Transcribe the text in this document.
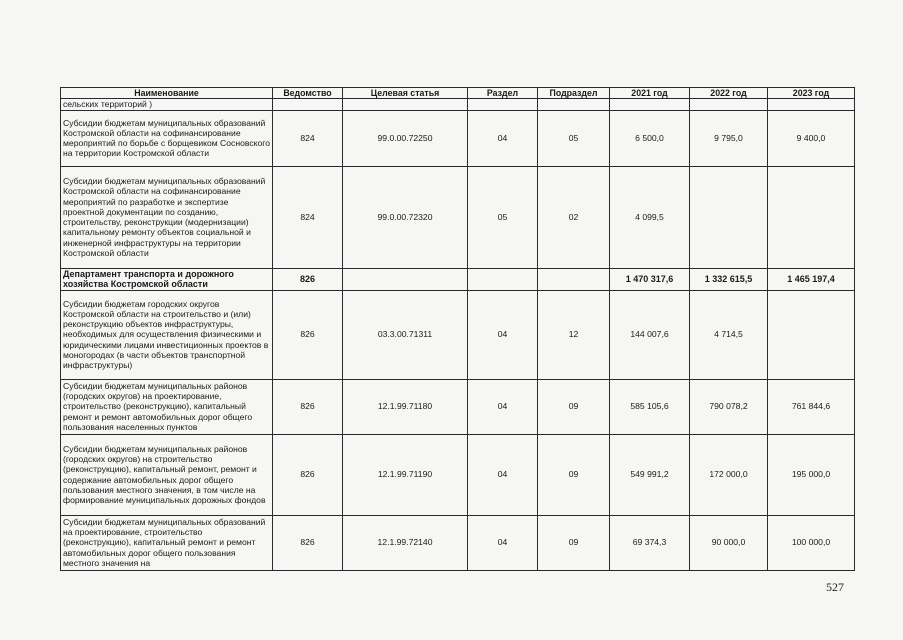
Наименование	Ведомство	Целевая статья	Раздел	Подраздел	2021 год	2022 год	2023 год
сельских территорий )							
Субсидии бюджетам муниципальных образований Костромской области на софинансирование мероприятий по борьбе с борщевиком Сосновского на территории Костромской области	824	99.0.00.72250	04	05	6 500,0	9 795,0	9 400,0
Субсидии бюджетам муниципальных образований Костромской области на софинансирование мероприятий по разработке и экспертизе проектной документации по созданию, строительству, реконструкции (модернизации) капитальному ремонту объектов социальной и инженерной инфраструктуры на территории Костромской области	824	99.0.00.72320	05	02	4 099,5		
Департамент транспорта и дорожного хозяйства Костромской области	826				1 470 317,6	1 332 615,5	1 465 197,4
Субсидии бюджетам городских округов Костромской области на строительство и (или) реконструкцию объектов инфраструктуры, необходимых для осуществления физическими и юридическими лицами инвестиционных проектов в моногородах (в части объектов транспортной инфраструктуры)	826	03.3.00.71311	04	12	144 007,6	4 714,5	
Субсидии бюджетам муниципальных районов (городских округов) на проектирование, строительство (реконструкцию), капитальный ремонт и ремонт автомобильных дорог общего пользования населенных пунктов	826	12.1.99.71180	04	09	585 105,6	790 078,2	761 844,6
Субсидии бюджетам муниципальных районов (городских округов) на строительство (реконструкцию), капитальный ремонт, ремонт и содержание автомобильных дорог общего пользования местного значения, в том числе на формирование муниципальных дорожных фондов	826	12.1.99.71190	04	09	549 991,2	172 000,0	195 000,0
Субсидии бюджетам муниципальных образований на проектирование, строительство (реконструкцию), капитальный ремонт и ремонт автомобильных дорог общего пользования местного значения на	826	12.1.99.72140	04	09	69 374,3	90 000,0	100 000,0
527
